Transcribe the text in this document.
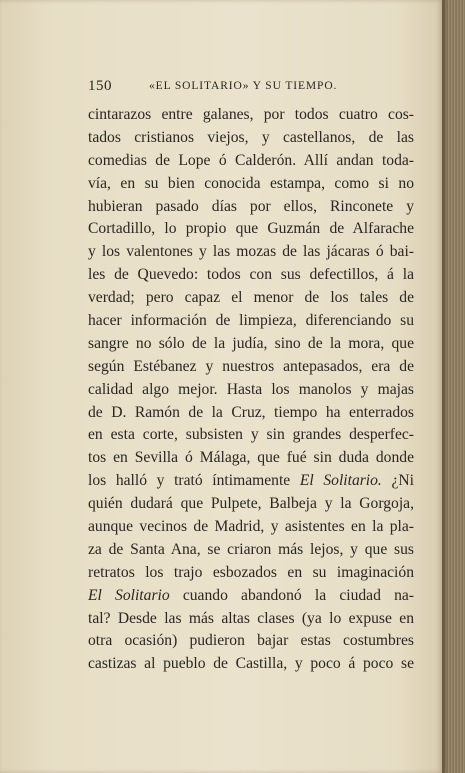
150	«EL SOLITARIO» Y SU TIEMPO.
cintarazos entre galanes, por todos cuatro cos-
tados cristianos viejos, y castellanos, de las
comedias de Lope ó Calderón. Allí andan toda-
vía, en su bien conocida estampa, como si no
hubieran pasado días por ellos, Rinconete y
Cortadillo, lo propio que Guzmán de Alfarache
y los valentones y las mozas de las jácaras ó bai-
les de Quevedo: todos con sus defectillos, á la
verdad; pero capaz el menor de los tales de
hacer información de limpieza, diferenciando su
sangre no sólo de la judía, sino de la mora, que
según Estébanez y nuestros antepasados, era de
calidad algo mejor. Hasta los manolos y majas
de D. Ramón de la Cruz, tiempo ha enterrados
en esta corte, subsisten y sin grandes desperfec-
tos en Sevilla ó Málaga, que fué sin duda donde
los halló y trató íntimamente El Solitario. ¿Ni
quién dudará que Pulpete, Balbeja y la Gorgoja,
aunque vecinos de Madrid, y asistentes en la pla-
za de Santa Ana, se criaron más lejos, y que sus
retratos los trajo esbozados en su imaginación
El Solitario cuando abandonó la ciudad na-
tal? Desde las más altas clases (ya lo expuse en
otra ocasión) pudieron bajar estas costumbres
castizas al pueblo de Castilla, y poco á poco se
